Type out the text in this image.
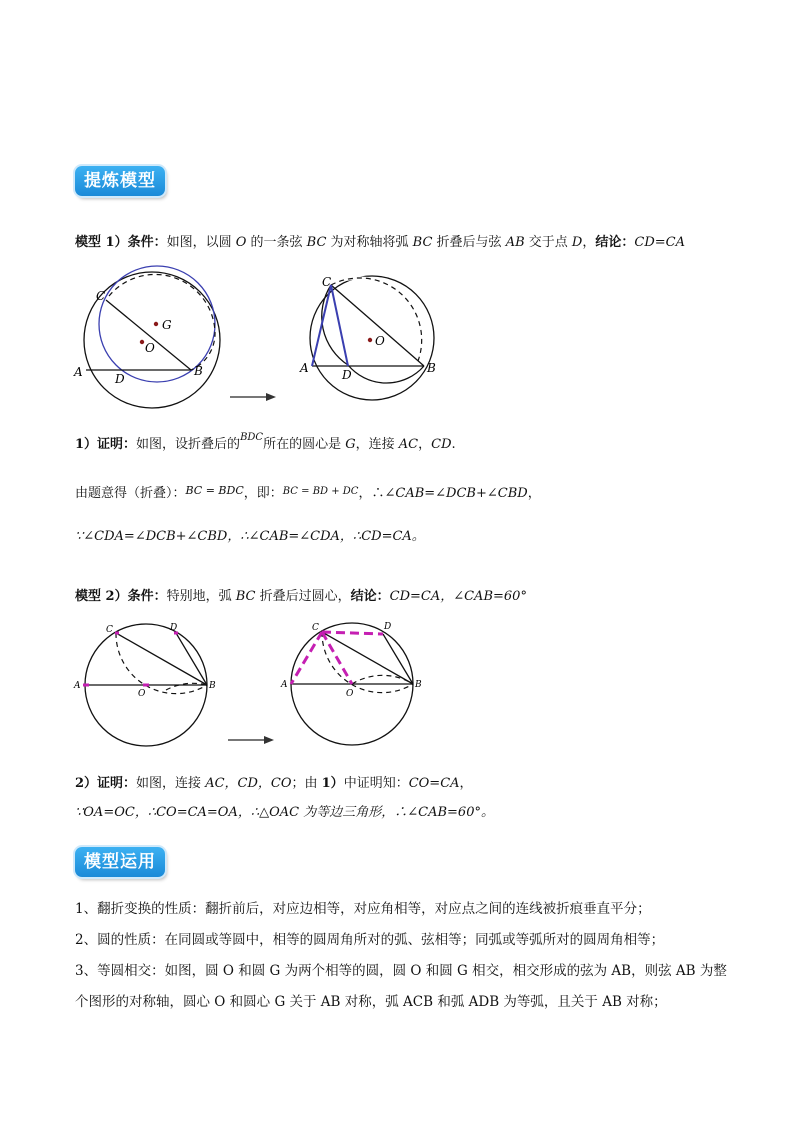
提炼模型
模型 1）条件：如图，以圆 O 的一条弦 BC 为对称轴将弧 BC 折叠后与弦 AB 交于点 D，结论：CD=CA
C
G
O
A	D
B
C
O
A	D	B
1）证明：如图，设折叠后的$^{BDC}$所在的圆心是 G，连接 AC，CD.
由题意得（折叠）：$^{BC = BDC}$，即：$^{BC = BD + DC}$，∴∠CAB=∠DCB+∠CBD，
∵∠CDA=∠DCB+∠CBD，∴∠CAB=∠CDA，∴CD=CA。
模型 2）条件：特别地，弧 BC 折叠后过圆心，结论：CD=CA，∠CAB=60°
C	D
A
O
B
C	D
A
O
B
2）证明：如图，连接 AC，CD，CO；由 1）中证明知：CO=CA，
∵OA=OC，∴CO=CA=OA，∴△OAC 为等边三角形，∴∠CAB=60°。
模型运用
1、翻折变换的性质：翻折前后，对应边相等，对应角相等，对应点之间的连线被折痕垂直平分；
2、圆的性质：在同圆或等圆中，相等的圆周角所对的弧、弦相等；同弧或等弧所对的圆周角相等；
3、等圆相交：如图，圆 O 和圆 G 为两个相等的圆，圆 O 和圆 G 相交，相交形成的弦为 AB，则弦 AB 为整
个图形的对称轴，圆心 O 和圆心 G 关于 AB 对称，弧 ACB 和弧 ADB 为等弧，且关于 AB 对称；
